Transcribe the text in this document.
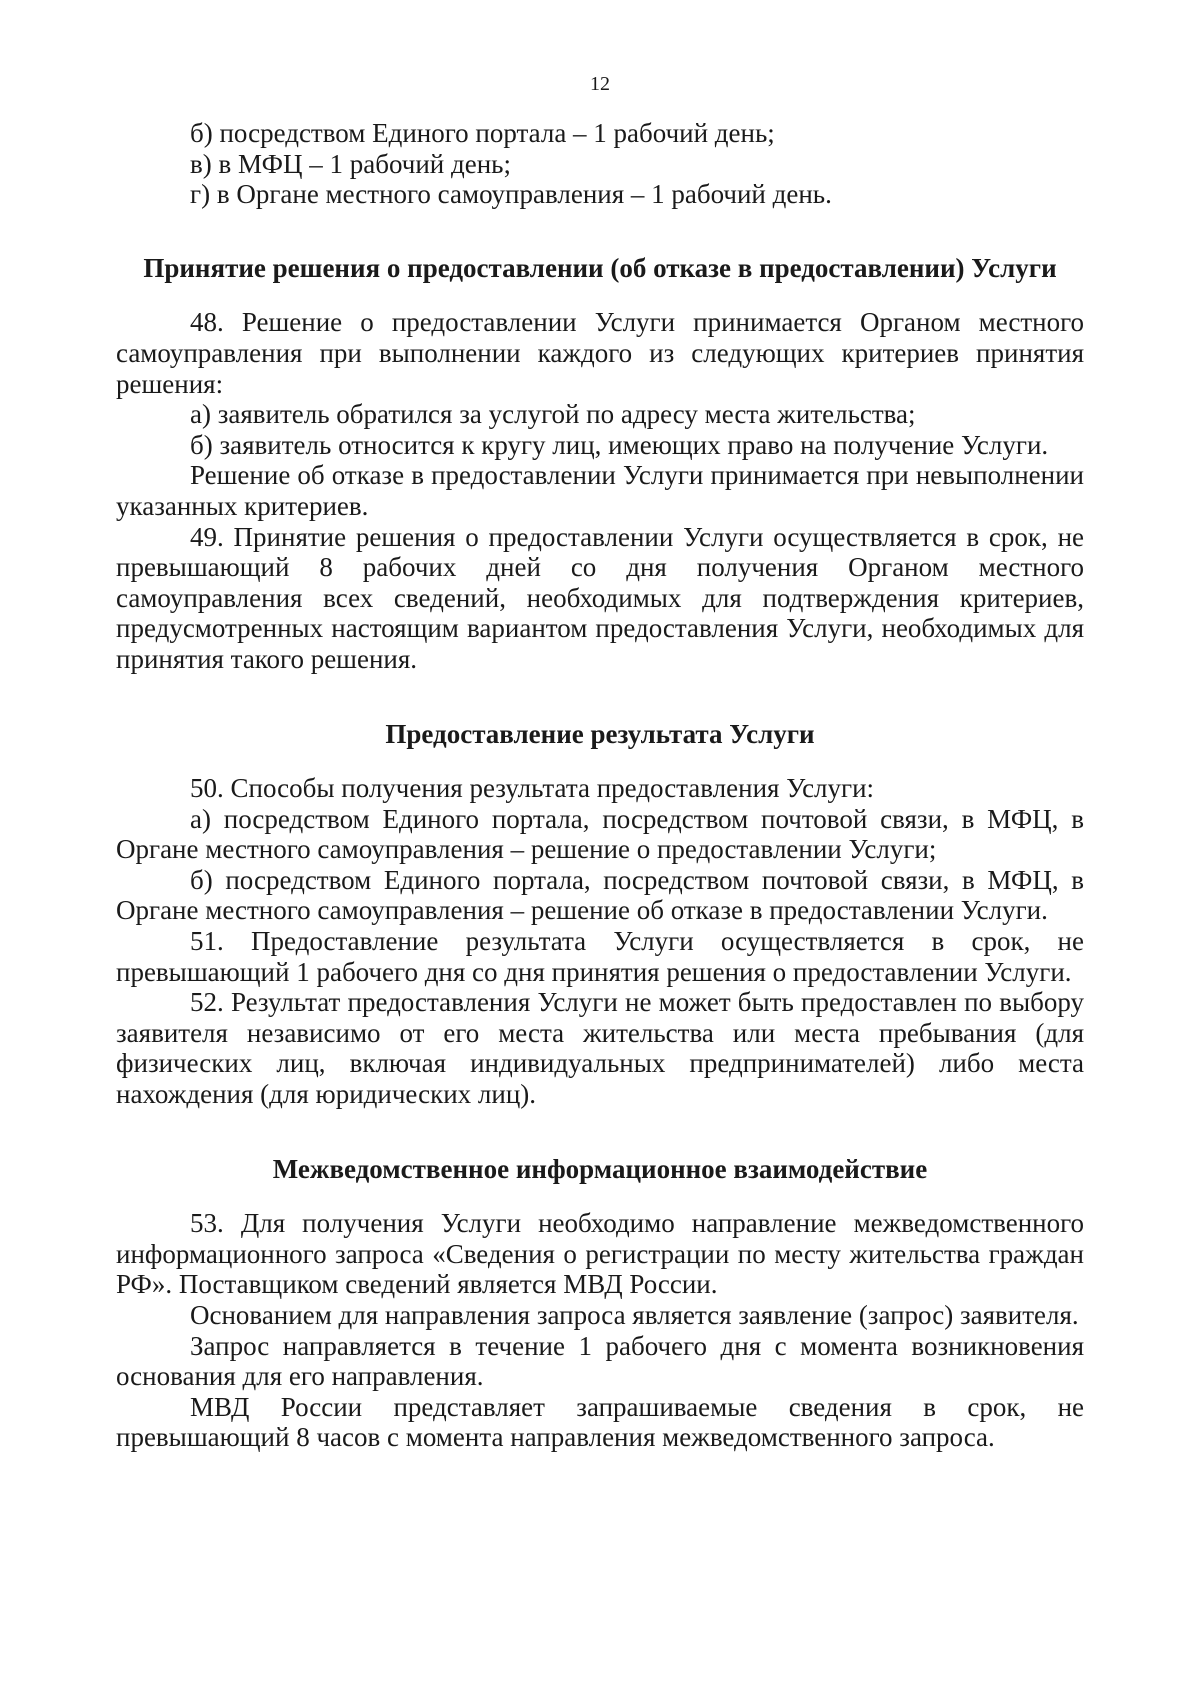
12

б) посредством Единого портала – 1 рабочий день;

в) в МФЦ – 1 рабочий день;

г) в Органе местного самоуправления – 1 рабочий день.

Принятие решения о предоставлении (об отказе в предоставлении) Услуги

48. Решение о предоставлении Услуги принимается Органом местного самоуправления при выполнении каждого из следующих критериев принятия решения:

а) заявитель обратился за услугой по адресу места жительства;

б) заявитель относится к кругу лиц, имеющих право на получение Услуги.

Решение об отказе в предоставлении Услуги принимается при невыполнении указанных критериев.

49. Принятие решения о предоставлении Услуги осуществляется в срок, не превышающий 8 рабочих дней со дня получения Органом местного самоуправления всех сведений, необходимых для подтверждения критериев, предусмотренных настоящим вариантом предоставления Услуги, необходимых для принятия такого решения.

Предоставление результата Услуги

50. Способы получения результата предоставления Услуги:

а) посредством Единого портала, посредством почтовой связи, в МФЦ, в Органе местного самоуправления – решение о предоставлении Услуги;

б) посредством Единого портала, посредством почтовой связи, в МФЦ, в Органе местного самоуправления – решение об отказе в предоставлении Услуги.

51. Предоставление результата Услуги осуществляется в срок, не превышающий 1 рабочего дня со дня принятия решения о предоставлении Услуги.

52. Результат предоставления Услуги не может быть предоставлен по выбору заявителя независимо от его места жительства или места пребывания (для физических лиц, включая индивидуальных предпринимателей) либо места нахождения (для юридических лиц).

Межведомственное информационное взаимодействие

53. Для получения Услуги необходимо направление межведомственного информационного запроса «Сведения о регистрации по месту жительства граждан РФ». Поставщиком сведений является МВД России.

Основанием для направления запроса является заявление (запрос) заявителя.

Запрос направляется в течение 1 рабочего дня с момента возникновения основания для его направления.

МВД России представляет запрашиваемые сведения в срок, не превышающий 8 часов с момента направления межведомственного запроса.
